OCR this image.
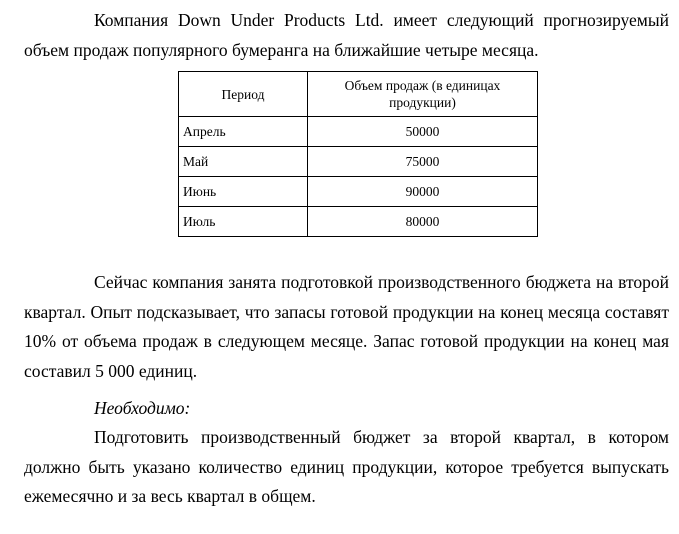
Компания Down Under Products Ltd. имеет следующий прогнозируемый объем продаж популярного бумеранга на ближайшие четыре месяца.

Период	Объем продаж (в единицах продукции)
Апрель	50000
Май	75000
Июнь	90000
Июль	80000

Сейчас компания занята подготовкой производственного бюджета на второй квартал. Опыт подсказывает, что запасы готовой продукции на конец месяца составят 10% от объема продаж в следующем месяце. Запас готовой продукции на конец мая составил 5 000 единиц.

Необходимо:

Подготовить производственный бюджет за второй квартал, в котором должно быть указано количество единиц продукции, которое требуется выпускать ежемесячно и за весь квартал в общем.
